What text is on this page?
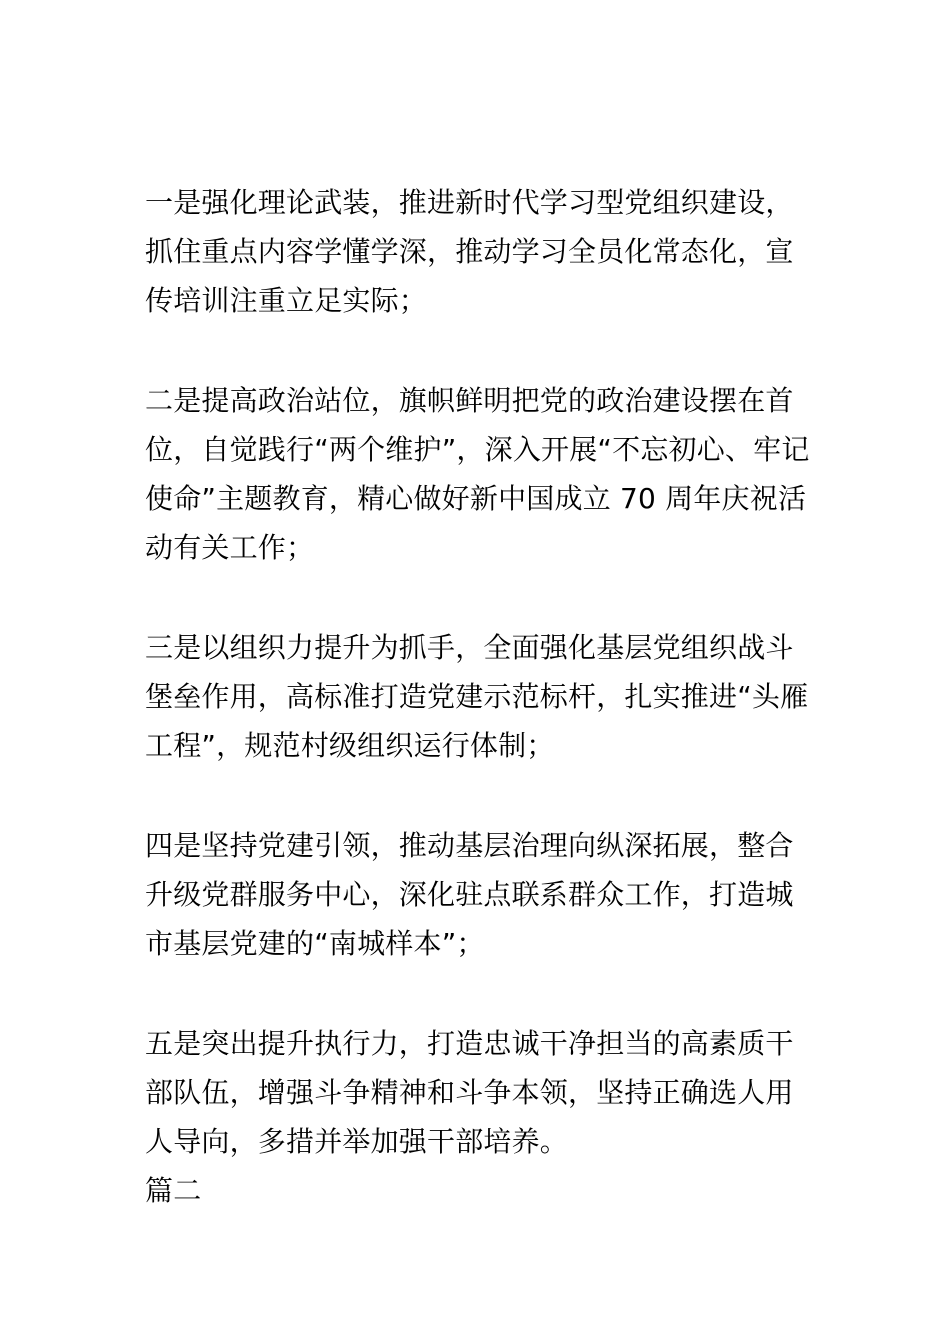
一是强化理论武装，推进新时代学习型党组织建设，抓住重点内容学懂学深，推动学习全员化常态化，宣传培训注重立足实际；

二是提高政治站位，旗帜鲜明把党的政治建设摆在首位，自觉践行“两个维护”，深入开展“不忘初心、牢记使命”主题教育，精心做好新中国成立 70 周年庆祝活动有关工作；

三是以组织力提升为抓手，全面强化基层党组织战斗堡垒作用，高标准打造党建示范标杆，扎实推进“头雁工程”，规范村级组织运行体制；

四是坚持党建引领，推动基层治理向纵深拓展，整合升级党群服务中心，深化驻点联系群众工作，打造城市基层党建的“南城样本”；

五是突出提升执行力，打造忠诚干净担当的高素质干部队伍，增强斗争精神和斗争本领，坚持正确选人用人导向，多措并举加强干部培养。

篇二
